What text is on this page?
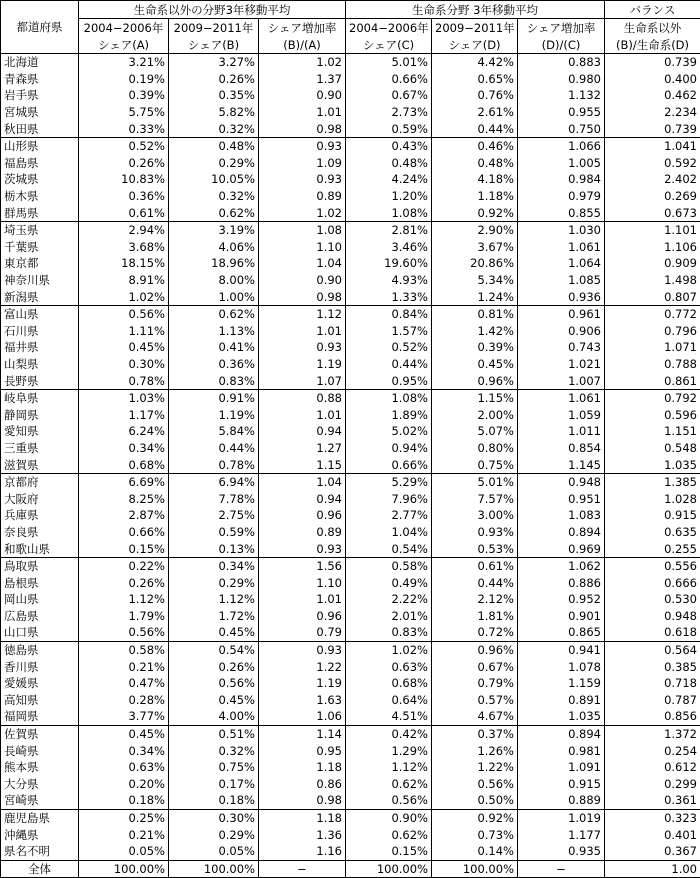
都道府県	生命系以外の分野3年移動平均			生命系分野 3年移動平均			バランス
	2004−2006年	2009−2011年	シェア増加率	2004−2006年	2009−2011年	シェア増加率	生命系以外
	シェア(A)	シェア(B)	(B)/(A)	シェア(C)	シェア(D)	(D)/(C)	(B)/生命系(D)
北海道	3.21%	3.27%	1.02	5.01%	4.42%	0.883	0.739
青森県	0.19%	0.26%	1.37	0.66%	0.65%	0.980	0.400
岩手県	0.39%	0.35%	0.90	0.67%	0.76%	1.132	0.462
宮城県	5.75%	5.82%	1.01	2.73%	2.61%	0.955	2.234
秋田県	0.33%	0.32%	0.98	0.59%	0.44%	0.750	0.739
山形県	0.52%	0.48%	0.93	0.43%	0.46%	1.066	1.041
福島県	0.26%	0.29%	1.09	0.48%	0.48%	1.005	0.592
茨城県	10.83%	10.05%	0.93	4.24%	4.18%	0.984	2.402
栃木県	0.36%	0.32%	0.89	1.20%	1.18%	0.979	0.269
群馬県	0.61%	0.62%	1.02	1.08%	0.92%	0.855	0.673
埼玉県	2.94%	3.19%	1.08	2.81%	2.90%	1.030	1.101
千葉県	3.68%	4.06%	1.10	3.46%	3.67%	1.061	1.106
東京都	18.15%	18.96%	1.04	19.60%	20.86%	1.064	0.909
神奈川県	8.91%	8.00%	0.90	4.93%	5.34%	1.085	1.498
新潟県	1.02%	1.00%	0.98	1.33%	1.24%	0.936	0.807
富山県	0.56%	0.62%	1.12	0.84%	0.81%	0.961	0.772
石川県	1.11%	1.13%	1.01	1.57%	1.42%	0.906	0.796
福井県	0.45%	0.41%	0.93	0.52%	0.39%	0.743	1.071
山梨県	0.30%	0.36%	1.19	0.44%	0.45%	1.021	0.788
長野県	0.78%	0.83%	1.07	0.95%	0.96%	1.007	0.861
岐阜県	1.03%	0.91%	0.88	1.08%	1.15%	1.061	0.792
静岡県	1.17%	1.19%	1.01	1.89%	2.00%	1.059	0.596
愛知県	6.24%	5.84%	0.94	5.02%	5.07%	1.011	1.151
三重県	0.34%	0.44%	1.27	0.94%	0.80%	0.854	0.548
滋賀県	0.68%	0.78%	1.15	0.66%	0.75%	1.145	1.035
京都府	6.69%	6.94%	1.04	5.29%	5.01%	0.948	1.385
大阪府	8.25%	7.78%	0.94	7.96%	7.57%	0.951	1.028
兵庫県	2.87%	2.75%	0.96	2.77%	3.00%	1.083	0.915
奈良県	0.66%	0.59%	0.89	1.04%	0.93%	0.894	0.635
和歌山県	0.15%	0.13%	0.93	0.54%	0.53%	0.969	0.255
鳥取県	0.22%	0.34%	1.56	0.58%	0.61%	1.062	0.556
島根県	0.26%	0.29%	1.10	0.49%	0.44%	0.886	0.666
岡山県	1.12%	1.12%	1.01	2.22%	2.12%	0.952	0.530
広島県	1.79%	1.72%	0.96	2.01%	1.81%	0.901	0.948
山口県	0.56%	0.45%	0.79	0.83%	0.72%	0.865	0.618
徳島県	0.58%	0.54%	0.93	1.02%	0.96%	0.941	0.564
香川県	0.21%	0.26%	1.22	0.63%	0.67%	1.078	0.385
愛媛県	0.47%	0.56%	1.19	0.68%	0.79%	1.159	0.718
高知県	0.28%	0.45%	1.63	0.64%	0.57%	0.891	0.787
福岡県	3.77%	4.00%	1.06	4.51%	4.67%	1.035	0.856
佐賀県	0.45%	0.51%	1.14	0.42%	0.37%	0.894	1.372
長崎県	0.34%	0.32%	0.95	1.29%	1.26%	0.981	0.254
熊本県	0.63%	0.75%	1.18	1.12%	1.22%	1.091	0.612
大分県	0.20%	0.17%	0.86	0.62%	0.56%	0.915	0.299
宮崎県	0.18%	0.18%	0.98	0.56%	0.50%	0.889	0.361
鹿児島県	0.25%	0.30%	1.18	0.90%	0.92%	1.019	0.323
沖縄県	0.21%	0.29%	1.36	0.62%	0.73%	1.177	0.401
県名不明	0.05%	0.05%	1.16	0.15%	0.14%	0.935	0.367
全体	100.00%	100.00%	−	100.00%	100.00%	−	1.00
